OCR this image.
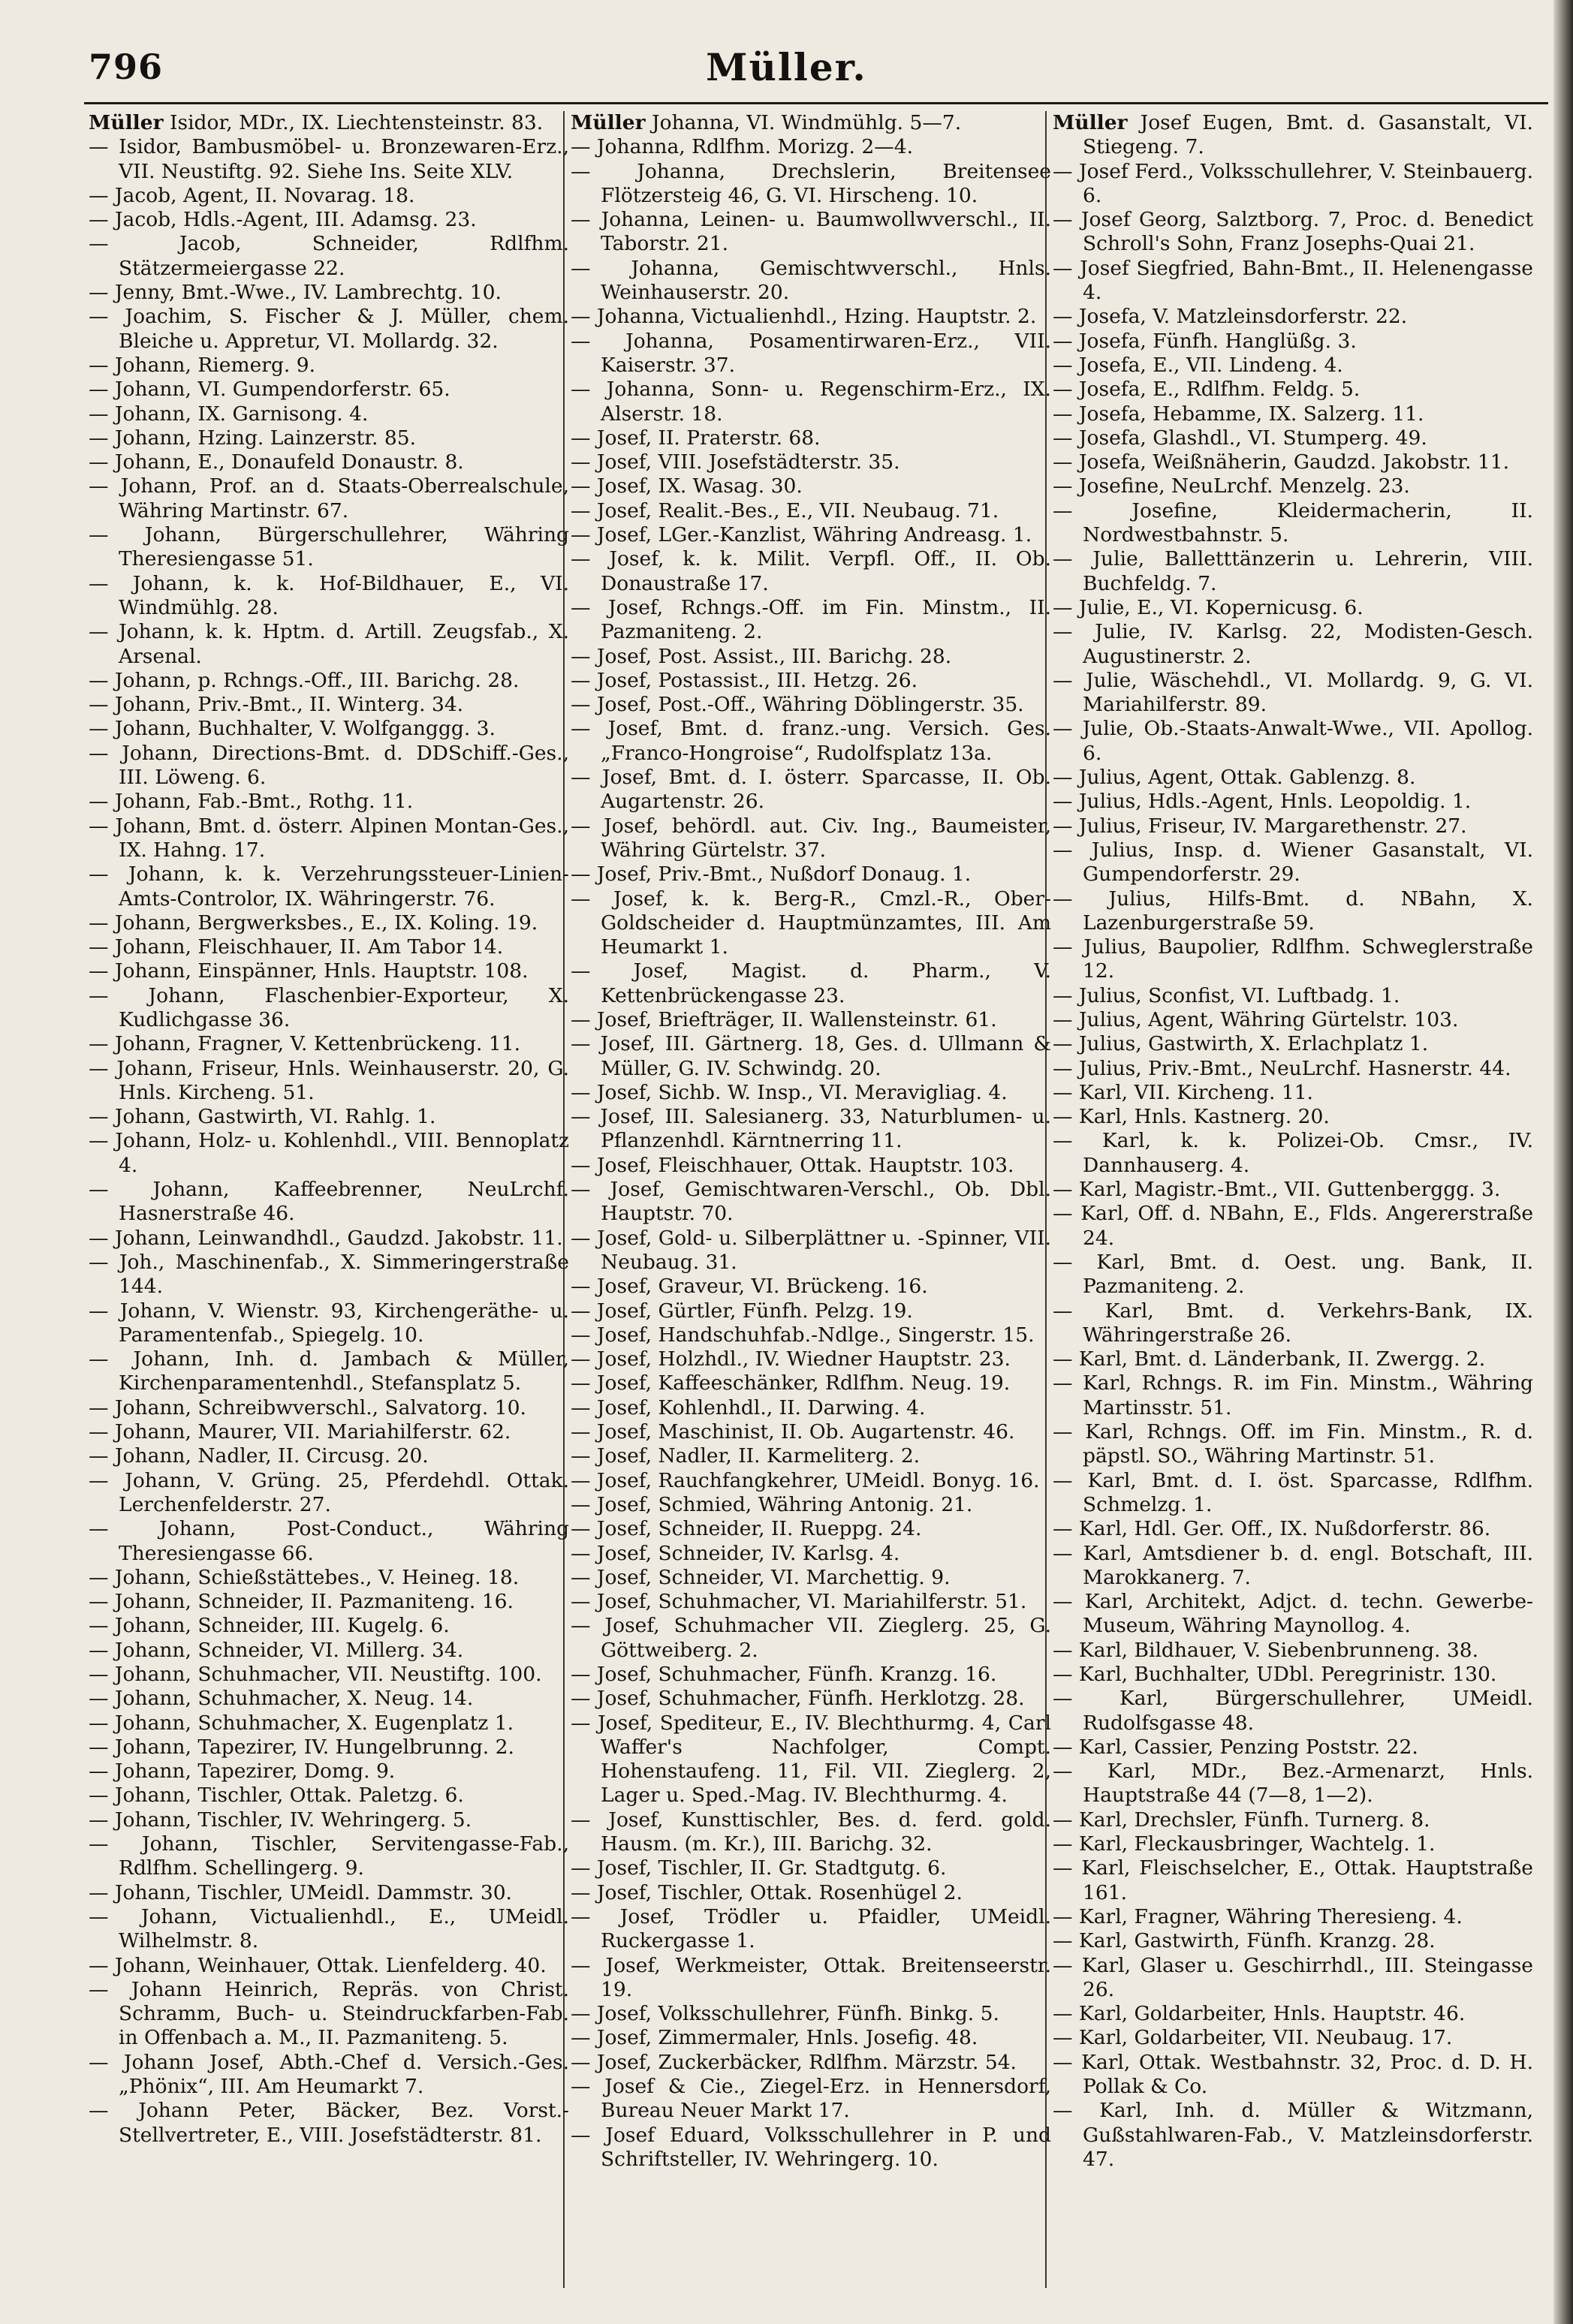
796	Müller.
Müller Isidor, MDr., IX. Liechtensteinstr. 83.
— Isidor, Bambusmöbel- u. Bronzewaren-Erz., VII. Neustiftg. 92. Siehe Ins. Seite XLV.
— Jacob, Agent, II. Novarag. 18.
— Jacob, Hdls.-Agent, III. Adamsg. 23.
— Jacob, Schneider, Rdlfhm. Stätzermeiergasse 22.
— Jenny, Bmt.-Wwe., IV. Lambrechtg. 10.
— Joachim, S. Fischer & J. Müller, chem. Bleiche u. Appretur, VI. Mollardg. 32.
— Johann, Riemerg. 9.
— Johann, VI. Gumpendorferstr. 65.
— Johann, IX. Garnisong. 4.
— Johann, Hzing. Lainzerstr. 85.
— Johann, E., Donaufeld Donaustr. 8.
— Johann, Prof. an d. Staats-Oberrealschule, Währing Martinstr. 67.
— Johann, Bürgerschullehrer, Währing Theresiengasse 51.
— Johann, k. k. Hof-Bildhauer, E., VI. Windmühlg. 28.
— Johann, k. k. Hptm. d. Artill. Zeugsfab., X. Arsenal.
— Johann, p. Rchngs.-Off., III. Barichg. 28.
— Johann, Priv.-Bmt., II. Winterg. 34.
— Johann, Buchhalter, V. Wolfganggg. 3.
— Johann, Directions-Bmt. d. DDSchiff.-Ges., III. Löweng. 6.
— Johann, Fab.-Bmt., Rothg. 11.
— Johann, Bmt. d. österr. Alpinen Montan-Ges., IX. Hahng. 17.
— Johann, k. k. Verzehrungssteuer-Linien-Amts-Controlor, IX. Währingerstr. 76.
— Johann, Bergwerksbes., E., IX. Koling. 19.
— Johann, Fleischhauer, II. Am Tabor 14.
— Johann, Einspänner, Hnls. Hauptstr. 108.
— Johann, Flaschenbier-Exporteur, X. Kudlichgasse 36.
— Johann, Fragner, V. Kettenbrückeng. 11.
— Johann, Friseur, Hnls. Weinhauserstr. 20, G. Hnls. Kircheng. 51.
— Johann, Gastwirth, VI. Rahlg. 1.
— Johann, Holz- u. Kohlenhdl., VIII. Bennoplatz 4.
— Johann, Kaffeebrenner, NeuLrchf. Hasnerstraße 46.
— Johann, Leinwandhdl., Gaudzd. Jakobstr. 11.
— Joh., Maschinenfab., X. Simmeringerstraße 144.
— Johann, V. Wienstr. 93, Kirchengeräthe- u. Paramentenfab., Spiegelg. 10.
— Johann, Inh. d. Jambach & Müller, Kirchenparamentenhdl., Stefansplatz 5.
— Johann, Schreibwverschl., Salvatorg. 10.
— Johann, Maurer, VII. Mariahilferstr. 62.
— Johann, Nadler, II. Circusg. 20.
— Johann, V. Grüng. 25, Pferdehdl. Ottak. Lerchenfelderstr. 27.
— Johann, Post-Conduct., Währing Theresiengasse 66.
— Johann, Schießstättebes., V. Heineg. 18.
— Johann, Schneider, II. Pazmaniteng. 16.
— Johann, Schneider, III. Kugelg. 6.
— Johann, Schneider, VI. Millerg. 34.
— Johann, Schuhmacher, VII. Neustiftg. 100.
— Johann, Schuhmacher, X. Neug. 14.
— Johann, Schuhmacher, X. Eugenplatz 1.
— Johann, Tapezirer, IV. Hungelbrunng. 2.
— Johann, Tapezirer, Domg. 9.
— Johann, Tischler, Ottak. Paletzg. 6.
— Johann, Tischler, IV. Wehringerg. 5.
— Johann, Tischler, Servitengasse-Fab., Rdlfhm. Schellingerg. 9.
— Johann, Tischler, UMeidl. Dammstr. 30.
— Johann, Victualienhdl., E., UMeidl. Wilhelmstr. 8.
— Johann, Weinhauer, Ottak. Lienfelderg. 40.
— Johann Heinrich, Repräs. von Christ. Schramm, Buch- u. Steindruckfarben-Fab. in Offenbach a. M., II. Pazmaniteng. 5.
— Johann Josef, Abth.-Chef d. Versich.-Ges. „Phönix“, III. Am Heumarkt 7.
— Johann Peter, Bäcker, Bez. Vorst.-Stellvertreter, E., VIII. Josefstädterstr. 81.
Müller Johanna, VI. Windmühlg. 5—7.
— Johanna, Rdlfhm. Morizg. 2—4.
— Johanna, Drechslerin, Breitensee Flötzersteig 46, G. VI. Hirscheng. 10.
— Johanna, Leinen- u. Baumwollwverschl., II. Taborstr. 21.
— Johanna, Gemischtwverschl., Hnls. Weinhauserstr. 20.
— Johanna, Victualienhdl., Hzing. Hauptstr. 2.
— Johanna, Posamentirwaren-Erz., VII. Kaiserstr. 37.
— Johanna, Sonn- u. Regenschirm-Erz., IX. Alserstr. 18.
— Josef, II. Praterstr. 68.
— Josef, VIII. Josefstädterstr. 35.
— Josef, IX. Wasag. 30.
— Josef, Realit.-Bes., E., VII. Neubaug. 71.
— Josef, LGer.-Kanzlist, Währing Andreasg. 1.
— Josef, k. k. Milit. Verpfl. Off., II. Ob. Donaustraße 17.
— Josef, Rchngs.-Off. im Fin. Minstm., II. Pazmaniteng. 2.
— Josef, Post. Assist., III. Barichg. 28.
— Josef, Postassist., III. Hetzg. 26.
— Josef, Post.-Off., Währing Döblingerstr. 35.
— Josef, Bmt. d. franz.-ung. Versich. Ges. „Franco-Hongroise“, Rudolfsplatz 13a.
— Josef, Bmt. d. I. österr. Sparcasse, II. Ob. Augartenstr. 26.
— Josef, behördl. aut. Civ. Ing., Baumeister, Währing Gürtelstr. 37.
— Josef, Priv.-Bmt., Nußdorf Donaug. 1.
— Josef, k. k. Berg-R., Cmzl.-R., Ober-Goldscheider d. Hauptmünzamtes, III. Am Heumarkt 1.
— Josef, Magist. d. Pharm., V. Kettenbrückengasse 23.
— Josef, Briefträger, II. Wallensteinstr. 61.
— Josef, III. Gärtnerg. 18, Ges. d. Ullmann & Müller, G. IV. Schwindg. 20.
— Josef, Sichb. W. Insp., VI. Meravigliag. 4.
— Josef, III. Salesianerg. 33, Naturblumen- u. Pflanzenhdl. Kärntnerring 11.
— Josef, Fleischhauer, Ottak. Hauptstr. 103.
— Josef, Gemischtwaren-Verschl., Ob. Dbl. Hauptstr. 70.
— Josef, Gold- u. Silberplättner u. -Spinner, VII. Neubaug. 31.
— Josef, Graveur, VI. Brückeng. 16.
— Josef, Gürtler, Fünfh. Pelzg. 19.
— Josef, Handschuhfab.-Ndlge., Singerstr. 15.
— Josef, Holzhdl., IV. Wiedner Hauptstr. 23.
— Josef, Kaffeeschänker, Rdlfhm. Neug. 19.
— Josef, Kohlenhdl., II. Darwing. 4.
— Josef, Maschinist, II. Ob. Augartenstr. 46.
— Josef, Nadler, II. Karmeliterg. 2.
— Josef, Rauchfangkehrer, UMeidl. Bonyg. 16.
— Josef, Schmied, Währing Antonig. 21.
— Josef, Schneider, II. Rueppg. 24.
— Josef, Schneider, IV. Karlsg. 4.
— Josef, Schneider, VI. Marchettig. 9.
— Josef, Schuhmacher, VI. Mariahilferstr. 51.
— Josef, Schuhmacher VII. Zieglerg. 25, G. Göttweiberg. 2.
— Josef, Schuhmacher, Fünfh. Kranzg. 16.
— Josef, Schuhmacher, Fünfh. Herklotzg. 28.
— Josef, Spediteur, E., IV. Blechthurmg. 4, Carl Waffer's Nachfolger, Compt. Hohenstaufeng. 11, Fil. VII. Zieglerg. 2, Lager u. Sped.-Mag. IV. Blechthurmg. 4.
— Josef, Kunsttischler, Bes. d. ferd. gold. Hausm. (m. Kr.), III. Barichg. 32.
— Josef, Tischler, II. Gr. Stadtgutg. 6.
— Josef, Tischler, Ottak. Rosenhügel 2.
— Josef, Trödler u. Pfaidler, UMeidl. Ruckergasse 1.
— Josef, Werkmeister, Ottak. Breitenseerstr. 19.
— Josef, Volksschullehrer, Fünfh. Binkg. 5.
— Josef, Zimmermaler, Hnls. Josefig. 48.
— Josef, Zuckerbäcker, Rdlfhm. Märzstr. 54.
— Josef & Cie., Ziegel-Erz. in Hennersdorf, Bureau Neuer Markt 17.
— Josef Eduard, Volksschullehrer in P. und Schriftsteller, IV. Wehringerg. 10.
Müller Josef Eugen, Bmt. d. Gasanstalt, VI. Stiegeng. 7.
— Josef Ferd., Volksschullehrer, V. Steinbauerg. 6.
— Josef Georg, Salztborg. 7, Proc. d. Benedict Schroll's Sohn, Franz Josephs-Quai 21.
— Josef Siegfried, Bahn-Bmt., II. Helenengasse 4.
— Josefa, V. Matzleinsdorferstr. 22.
— Josefa, Fünfh. Hanglüßg. 3.
— Josefa, E., VII. Lindeng. 4.
— Josefa, E., Rdlfhm. Feldg. 5.
— Josefa, Hebamme, IX. Salzerg. 11.
— Josefa, Glashdl., VI. Stumperg. 49.
— Josefa, Weißnäherin, Gaudzd. Jakobstr. 11.
— Josefine, NeuLrchf. Menzelg. 23.
— Josefine, Kleidermacherin, II. Nordwestbahnstr. 5.
— Julie, Balletttänzerin u. Lehrerin, VIII. Buchfeldg. 7.
— Julie, E., VI. Kopernicusg. 6.
— Julie, IV. Karlsg. 22, Modisten-Gesch. Augustinerstr. 2.
— Julie, Wäschehdl., VI. Mollardg. 9, G. VI. Mariahilferstr. 89.
— Julie, Ob.-Staats-Anwalt-Wwe., VII. Apollog. 6.
— Julius, Agent, Ottak. Gablenzg. 8.
— Julius, Hdls.-Agent, Hnls. Leopoldig. 1.
— Julius, Friseur, IV. Margarethenstr. 27.
— Julius, Insp. d. Wiener Gasanstalt, VI. Gumpendorferstr. 29.
— Julius, Hilfs-Bmt. d. NBahn, X. Lazenburgerstraße 59.
— Julius, Baupolier, Rdlfhm. Schweglerstraße 12.
— Julius, Sconfist, VI. Luftbadg. 1.
— Julius, Agent, Währing Gürtelstr. 103.
— Julius, Gastwirth, X. Erlachplatz 1.
— Julius, Priv.-Bmt., NeuLrchf. Hasnerstr. 44.
— Karl, VII. Kircheng. 11.
— Karl, Hnls. Kastnerg. 20.
— Karl, k. k. Polizei-Ob. Cmsr., IV. Dannhauserg. 4.
— Karl, Magistr.-Bmt., VII. Guttenberggg. 3.
— Karl, Off. d. NBahn, E., Flds. Angererstraße 24.
— Karl, Bmt. d. Oest. ung. Bank, II. Pazmaniteng. 2.
— Karl, Bmt. d. Verkehrs-Bank, IX. Währingerstraße 26.
— Karl, Bmt. d. Länderbank, II. Zwergg. 2.
— Karl, Rchngs. R. im Fin. Minstm., Währing Martinsstr. 51.
— Karl, Rchngs. Off. im Fin. Minstm., R. d. päpstl. SO., Währing Martinstr. 51.
— Karl, Bmt. d. I. öst. Sparcasse, Rdlfhm. Schmelzg. 1.
— Karl, Hdl. Ger. Off., IX. Nußdorferstr. 86.
— Karl, Amtsdiener b. d. engl. Botschaft, III. Marokkanerg. 7.
— Karl, Architekt, Adjct. d. techn. Gewerbe-Museum, Währing Maynollog. 4.
— Karl, Bildhauer, V. Siebenbrunneng. 38.
— Karl, Buchhalter, UDbl. Peregrinistr. 130.
— Karl, Bürgerschullehrer, UMeidl. Rudolfsgasse 48.
— Karl, Cassier, Penzing Poststr. 22.
— Karl, MDr., Bez.-Armenarzt, Hnls. Hauptstraße 44 (7—8, 1—2).
— Karl, Drechsler, Fünfh. Turnerg. 8.
— Karl, Fleckausbringer, Wachtelg. 1.
— Karl, Fleischselcher, E., Ottak. Hauptstraße 161.
— Karl, Fragner, Währing Theresieng. 4.
— Karl, Gastwirth, Fünfh. Kranzg. 28.
— Karl, Glaser u. Geschirrhdl., III. Steingasse 26.
— Karl, Goldarbeiter, Hnls. Hauptstr. 46.
— Karl, Goldarbeiter, VII. Neubaug. 17.
— Karl, Ottak. Westbahnstr. 32, Proc. d. D. H. Pollak & Co.
— Karl, Inh. d. Müller & Witzmann, Gußstahlwaren-Fab., V. Matzleinsdorferstr. 47.
